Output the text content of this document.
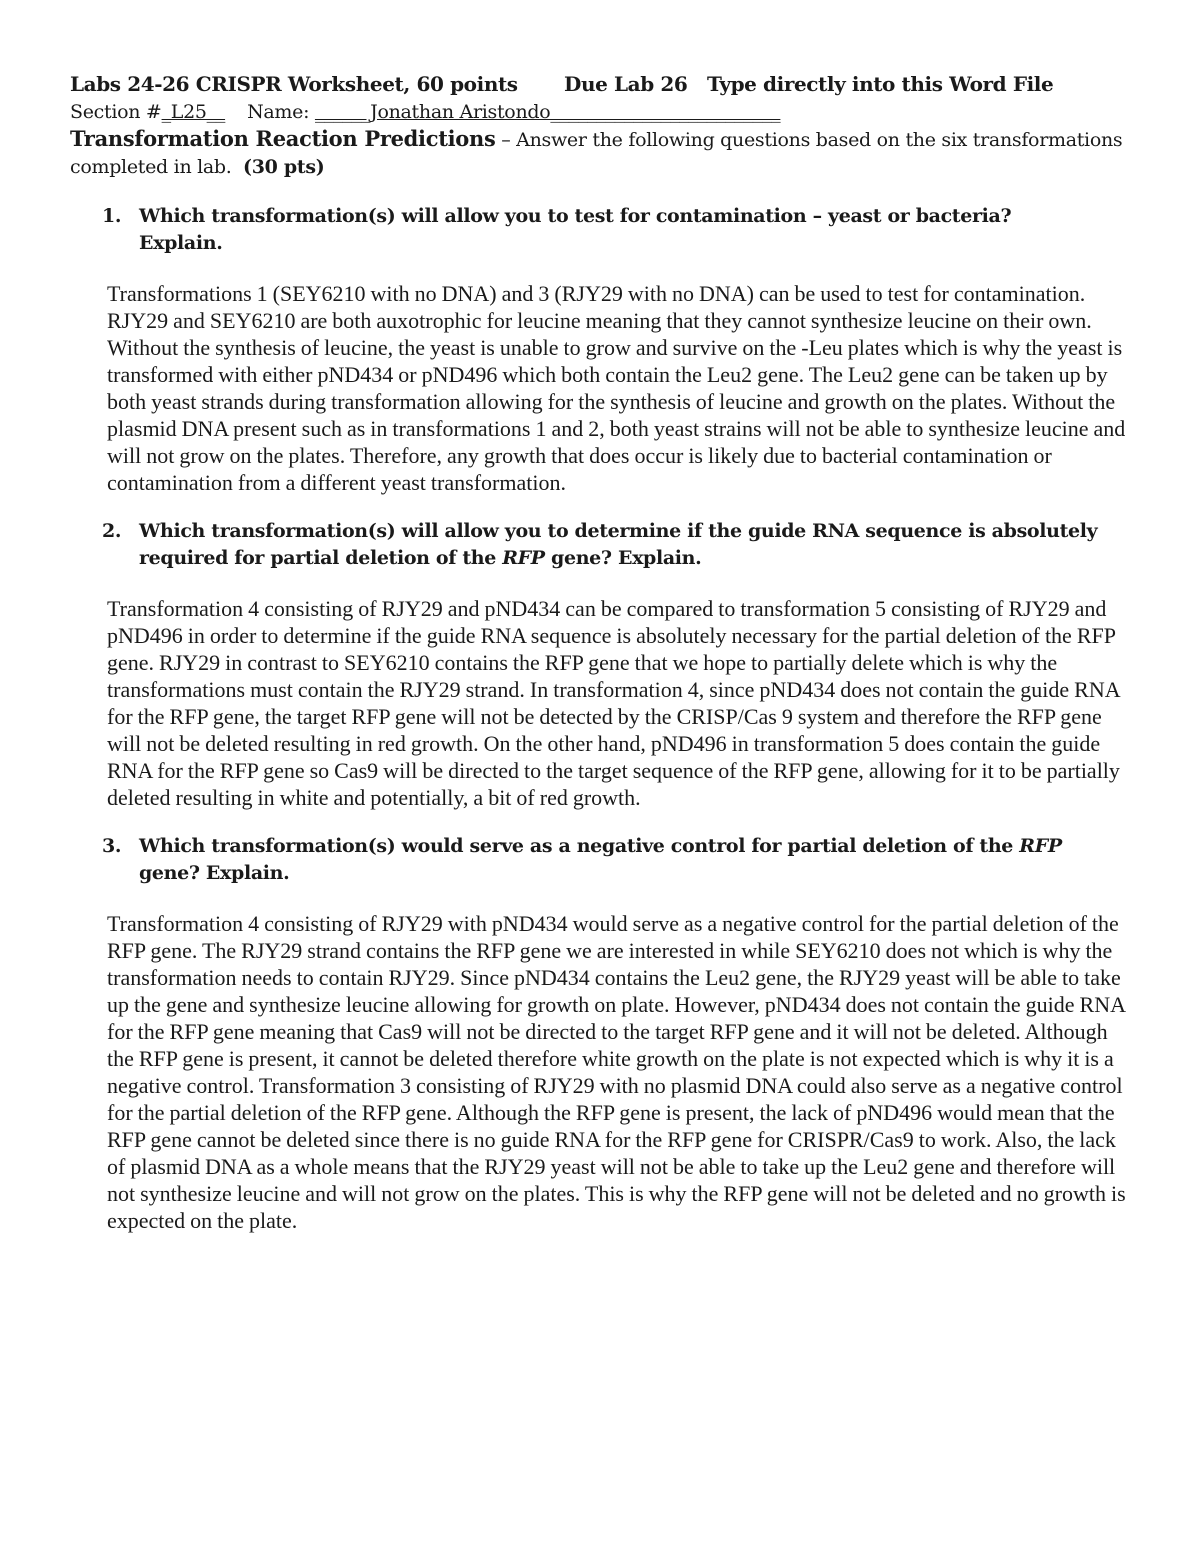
Labs 24-26 CRISPR Worksheet, 60 points Due Lab 26   Type directly into this Word File
Section #_L25__ Name: ______Jonathan Aristondo_________________________
Transformation Reaction Predictions – Answer the following questions based on the six transformations completed in lab.  (30 pts)
1. Which transformation(s) will allow you to test for contamination – yeast or bacteria? Explain.
Transformations 1 (SEY6210 with no DNA) and 3 (RJY29 with no DNA) can be used to test for contamination. RJY29 and SEY6210 are both auxotrophic for leucine meaning that they cannot synthesize leucine on their own. Without the synthesis of leucine, the yeast is unable to grow and survive on the -Leu plates which is why the yeast is transformed with either pND434 or pND496 which both contain the Leu2 gene. The Leu2 gene can be taken up by both yeast strands during transformation allowing for the synthesis of leucine and growth on the plates. Without the plasmid DNA present such as in transformations 1 and 2, both yeast strains will not be able to synthesize leucine and will not grow on the plates. Therefore, any growth that does occur is likely due to bacterial contamination or contamination from a different yeast transformation.
2. Which transformation(s) will allow you to determine if the guide RNA sequence is absolutely required for partial deletion of the RFP gene? Explain.
Transformation 4 consisting of RJY29 and pND434 can be compared to transformation 5 consisting of RJY29 and pND496 in order to determine if the guide RNA sequence is absolutely necessary for the partial deletion of the RFP gene. RJY29 in contrast to SEY6210 contains the RFP gene that we hope to partially delete which is why the transformations must contain the RJY29 strand. In transformation 4, since pND434 does not contain the guide RNA for the RFP gene, the target RFP gene will not be detected by the CRISP/Cas 9 system and therefore the RFP gene will not be deleted resulting in red growth. On the other hand, pND496 in transformation 5 does contain the guide RNA for the RFP gene so Cas9 will be directed to the target sequence of the RFP gene, allowing for it to be partially deleted resulting in white and potentially, a bit of red growth.
3. Which transformation(s) would serve as a negative control for partial deletion of the RFP gene? Explain.
Transformation 4 consisting of RJY29 with pND434 would serve as a negative control for the partial deletion of the RFP gene. The RJY29 strand contains the RFP gene we are interested in while SEY6210 does not which is why the transformation needs to contain RJY29. Since pND434 contains the Leu2 gene, the RJY29 yeast will be able to take up the gene and synthesize leucine allowing for growth on plate. However, pND434 does not contain the guide RNA for the RFP gene meaning that Cas9 will not be directed to the target RFP gene and it will not be deleted. Although the RFP gene is present, it cannot be deleted therefore white growth on the plate is not expected which is why it is a negative control. Transformation 3 consisting of RJY29 with no plasmid DNA could also serve as a negative control for the partial deletion of the RFP gene. Although the RFP gene is present, the lack of pND496 would mean that the RFP gene cannot be deleted since there is no guide RNA for the RFP gene for CRISPR/Cas9 to work. Also, the lack of plasmid DNA as a whole means that the RJY29 yeast will not be able to take up the Leu2 gene and therefore will not synthesize leucine and will not grow on the plates. This is why the RFP gene will not be deleted and no growth is expected on the plate.
